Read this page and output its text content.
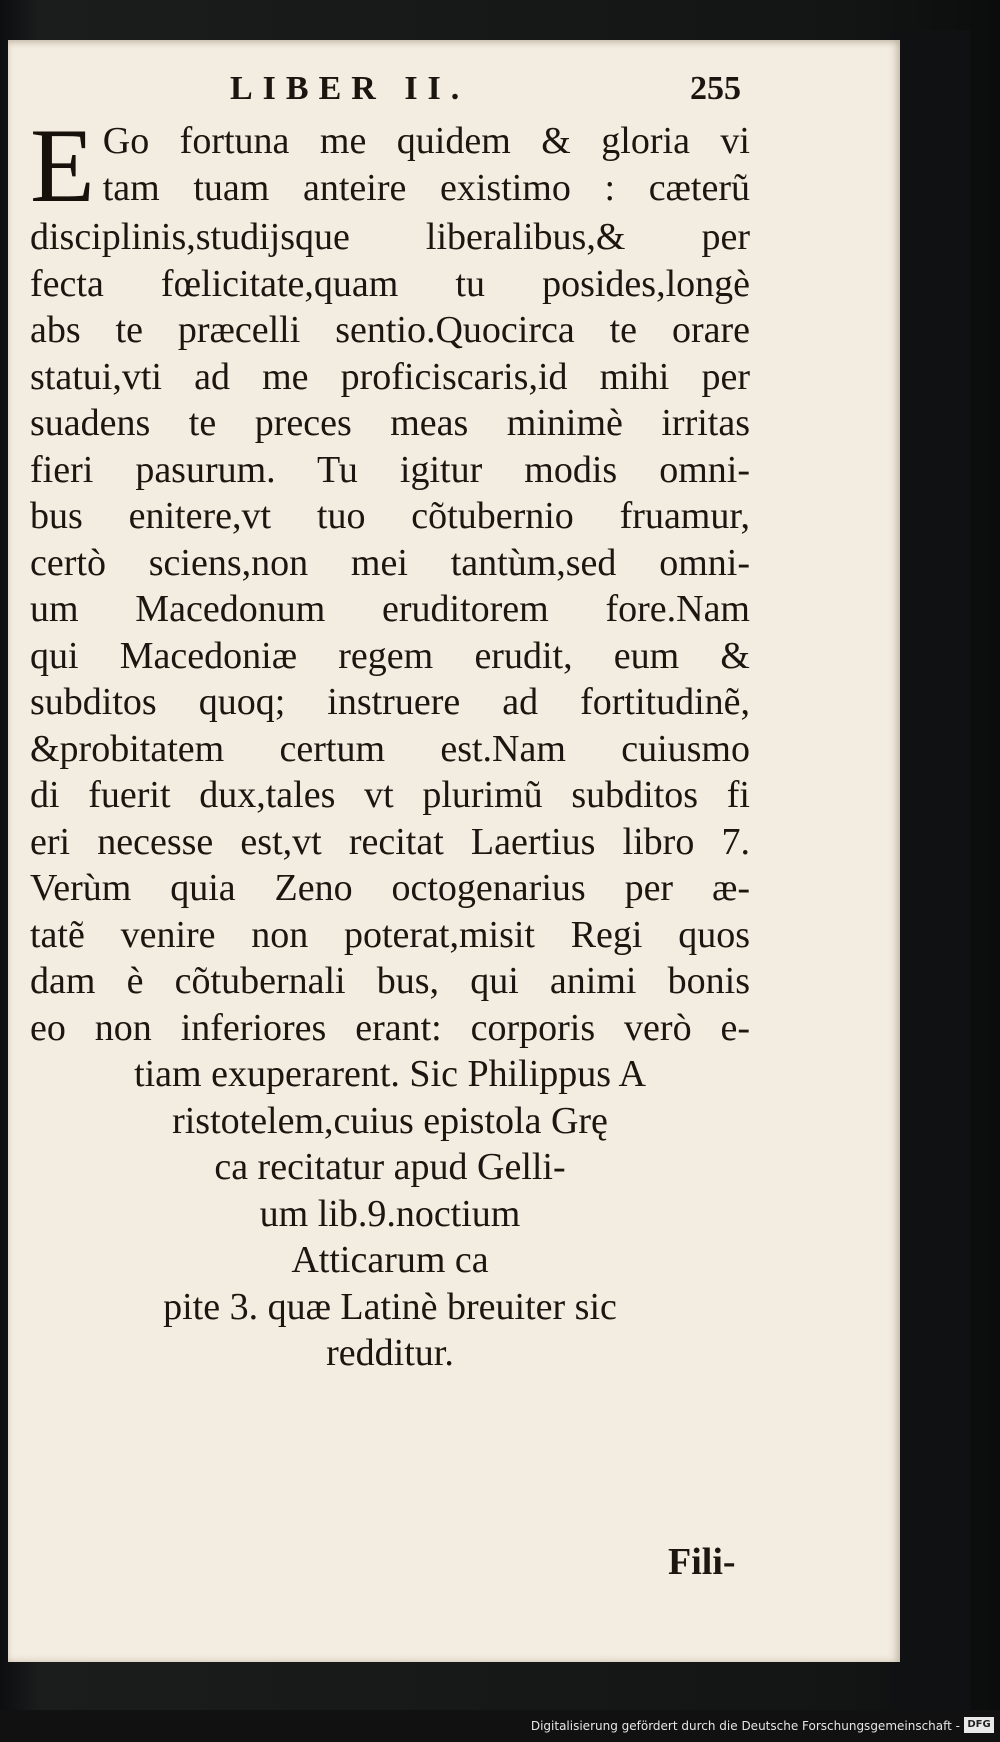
LIBER II.	255
E Go fortuna me quidem & gloria vi
tam tuam anteire existimo : cæterũ
disciplinis,studijsque liberalibus,& per
fecta fœlicitate,quam tu posides,longè
abs te præcelli sentio.Quocirca te orare
statui,vti ad me proficiscaris,id mihi per
suadens te preces meas minimè irritas
fieri pasurum. Tu igitur modis omni-
bus enitere,vt tuo cõtubernio fruamur,
certò sciens,non mei tantùm,sed omni-
um Macedonum eruditorem fore.Nam
qui Macedoniæ regem erudit, eum &
subditos quoq; instruere ad fortitudinẽ,
&probitatem certum est.Nam cuiusmo
di fuerit dux,tales vt plurimũ subditos fi
eri necesse est,vt recitat Laertius libro 7.
Verùm quia Zeno octogenarius per æ-
tatẽ venire non poterat,misit Regi quos
dam è cõtubernali bus, qui animi bonis
eo non inferiores erant: corporis verò e-
tiam exuperarent. Sic Philippus A
ristotelem,cuius epistola Grę
ca recitatur apud Gelli-
um lib.9.noctium
Atticarum ca
pite 3. quæ Latinè breuiter sic
redditur.
Fili-
Digitalisierung gefördert durch die Deutsche Forschungsgemeinschaft - DFG
